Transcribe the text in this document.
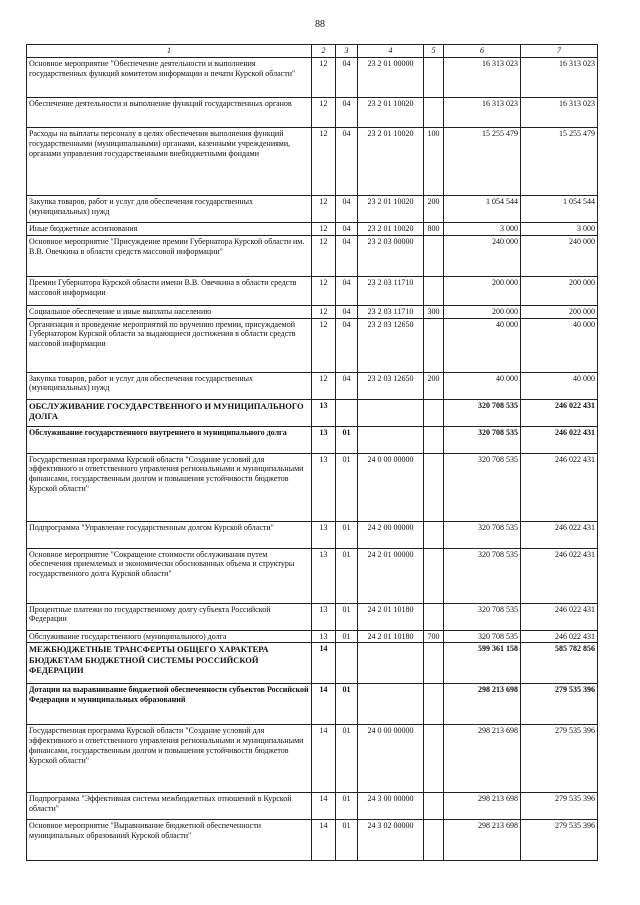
88
1	2	3	4	5	6	7
Основное мероприятие "Обеспечение деятельности и выполнения государственных функций комитетом информации и печати Курской области"	12	04	23 2 01 00000		16 313 023	16 313 023
Обеспечение деятельности и выполнение функций государственных органов	12	04	23 2 01 10020		16 313 023	16 313 023
Расходы на выплаты персоналу в целях обеспечения выполнения функций государственными (муниципальными) органами, казенными учреждениями, органами управления государственными внебюджетными фондами	12	04	23 2 01 10020	100	15 255 479	15 255 479
Закупка товаров, работ и услуг для обеспечения государственных (муниципальных) нужд	12	04	23 2 01 10020	200	1 054 544	1 054 544
Иные бюджетные ассигнования	12	04	23 2 01 10020	800	3 000	3 000
Основное мероприятие "Присуждение премии Губернатора Курской области им. В.В. Овечкина в области средств массовой информации"	12	04	23 2 03 00000		240 000	240 000
Премии Губернатора Курской области имени В.В. Овечкина в области средств массовой информации	12	04	23 2 03 11710		200 000	200 000
Социальное обеспечение и иные выплаты населению	12	04	23 2 03 11710	300	200 000	200 000
Организация и проведение мероприятий по вручению премии, присуждаемой Губернатором Курской области за выдающиеся достижения в области средств массовой информации	12	04	23 2 03 12650		40 000	40 000
Закупка товаров, работ и услуг для обеспечения государственных (муниципальных) нужд	12	04	23 2 03 12650	200	40 000	40 000
ОБСЛУЖИВАНИЕ ГОСУДАРСТВЕННОГО И МУНИЦИПАЛЬНОГО ДОЛГА	13				320 708 535	246 022 431
Обслуживание государственного внутреннего и муниципального долга	13	01			320 708 535	246 022 431
Государственная программа Курской области "Создание условий для эффективного и ответственного управления региональными и муниципальными финансами, государственным долгом и повышения устойчивости бюджетов Курской области"	13	01	24 0 00 00000		320 708 535	246 022 431
Подпрограмма "Управление государственным долгом Курской области"	13	01	24 2 00 00000		320 708 535	246 022 431
Основное мероприятие "Сокращение стоимости обслуживания путем обеспечения приемлемых и экономически обоснованных объема и структуры государственного долга Курской области"	13	01	24 2 01 00000		320 708 535	246 022 431
Процентные платежи по государственному долгу субъекта Российской Федерации	13	01	24 2 01 10180		320 708 535	246 022 431
Обслуживание государственного (муниципального) долга	13	01	24 2 01 10180	700	320 708 535	246 022 431
МЕЖБЮДЖЕТНЫЕ ТРАНСФЕРТЫ ОБЩЕГО ХАРАКТЕРА БЮДЖЕТАМ БЮДЖЕТНОЙ СИСТЕМЫ РОССИЙСКОЙ ФЕДЕРАЦИИ	14				599 361 158	585 782 856
Дотации на выравнивание бюджетной обеспеченности субъектов Российской Федерации и муниципальных образований	14	01			298 213 698	279 535 396
Государственная программа Курской области "Создание условий для эффективного и ответственного управления региональными и муниципальными финансами, государственным долгом и повышения устойчивости бюджетов Курской области"	14	01	24 0 00 00000		298 213 698	279 535 396
Подпрограмма "Эффективная система межбюджетных отношений в Курской области"	14	01	24 3 00 00000		298 213 698	279 535 396
Основное мероприятие "Выравнивание бюджетной обеспеченности муниципальных образований Курской области"	14	01	24 3 02 00000		298 213 698	279 535 396
